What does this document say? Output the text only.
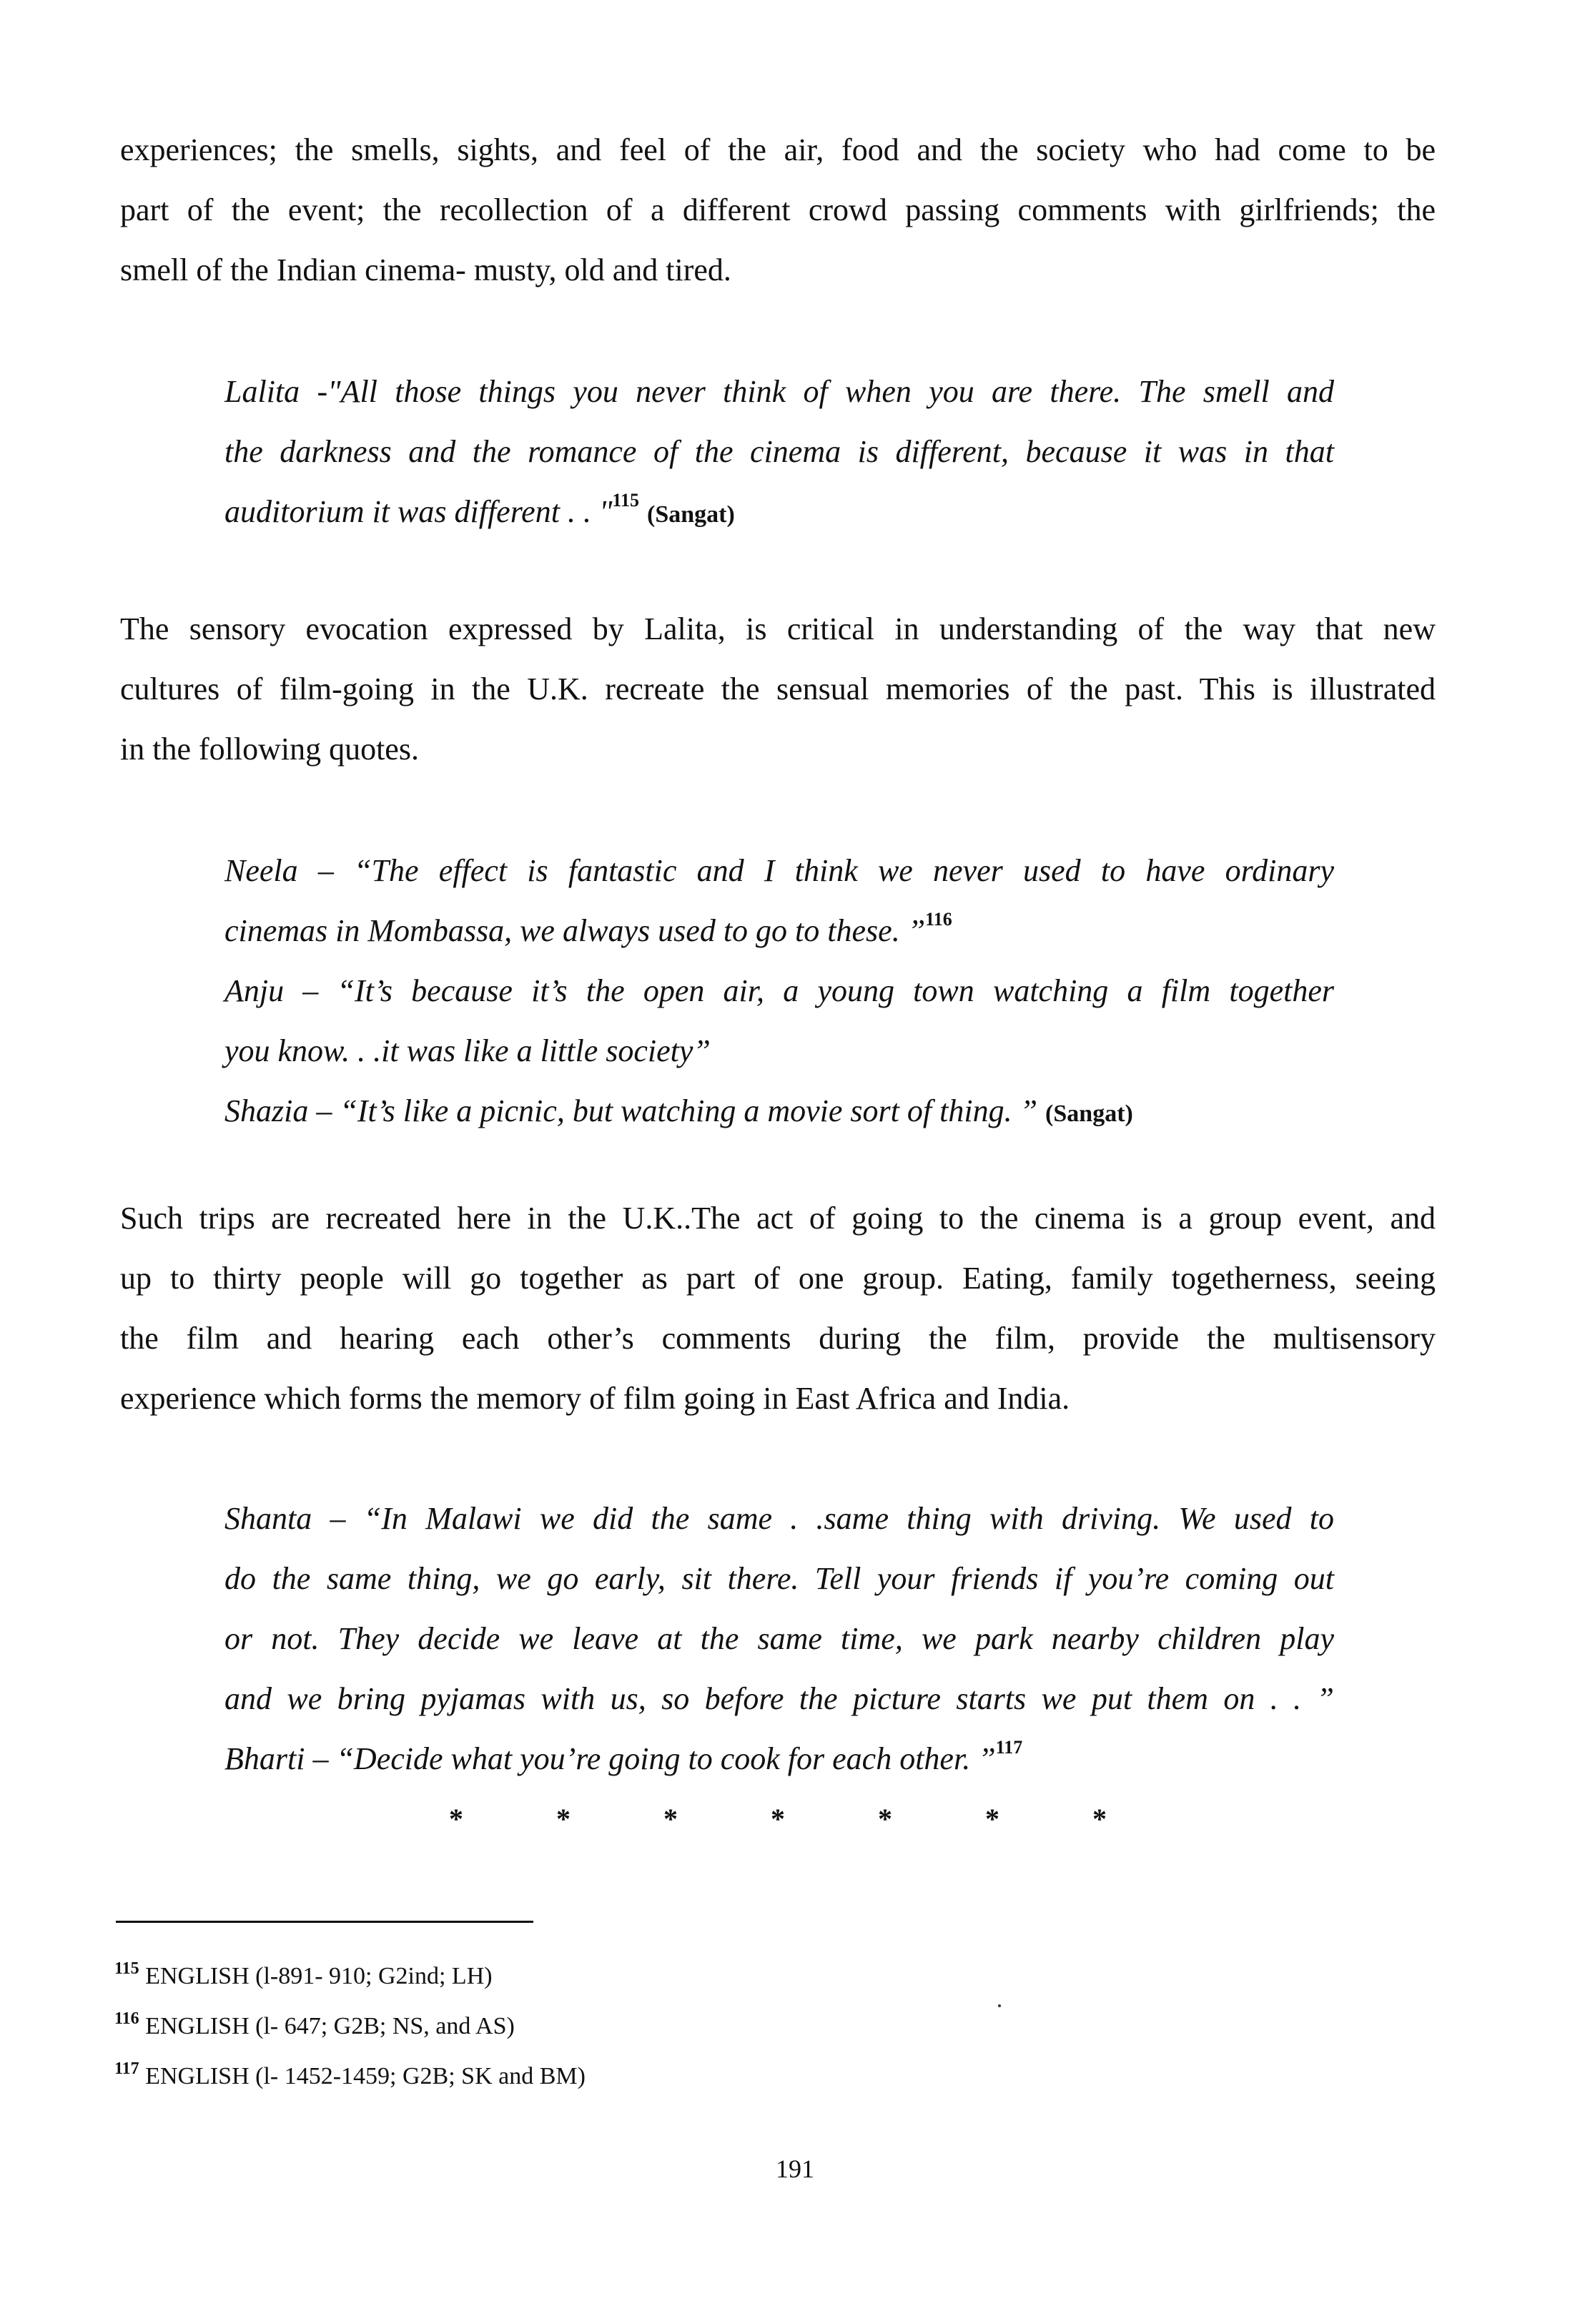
experiences; the smells, sights, and feel of the air, food and the society who had come to be
part of the event; the recollection of a different crowd passing comments with girlfriends; the
smell of the Indian cinema- musty, old and tired.
Lalita -"All those things you never think of when you are there. The smell and
the darkness and the romance of the cinema is different, because it was in that
auditorium it was different . . "$^{115}$ (Sangat)
The sensory evocation expressed by Lalita, is critical in understanding of the way that new
cultures of film-going in the U.K. recreate the sensual memories of the past. This is illustrated
in the following quotes.
Neela – “The effect is fantastic and I think we never used to have ordinary
cinemas in Mombassa, we always used to go to these. ”$^{116}$
Anju – “It’s because it’s the open air, a young town watching a film together
you know. . .it was like a little society”
Shazia – “It’s like a picnic, but watching a movie sort of thing. ” (Sangat)
Such trips are recreated here in the U.K..The act of going to the cinema is a group event, and
up to thirty people will go together as part of one group. Eating, family togetherness, seeing
the film and hearing each other’s comments during the film, provide the multisensory
experience which forms the memory of film going in East Africa and India.
Shanta – “In Malawi we did the same . .same thing with driving. We used to
do the same thing, we go early, sit there. Tell your friends if you’re coming out
or not. They decide we leave at the same time, we park nearby children play
and we bring pyjamas with us, so before the picture starts we put them on . . ”
Bharti – “Decide what you’re going to cook for each other. ”$^{117}$
*	*	*	*	*	*	*
$^{115}$ ENGLISH (l-891- 910; G2ind; LH)
$^{116}$ ENGLISH (l- 647; G2B; NS, and AS)
$^{117}$ ENGLISH (l- 1452-1459; G2B; SK and BM)
191
